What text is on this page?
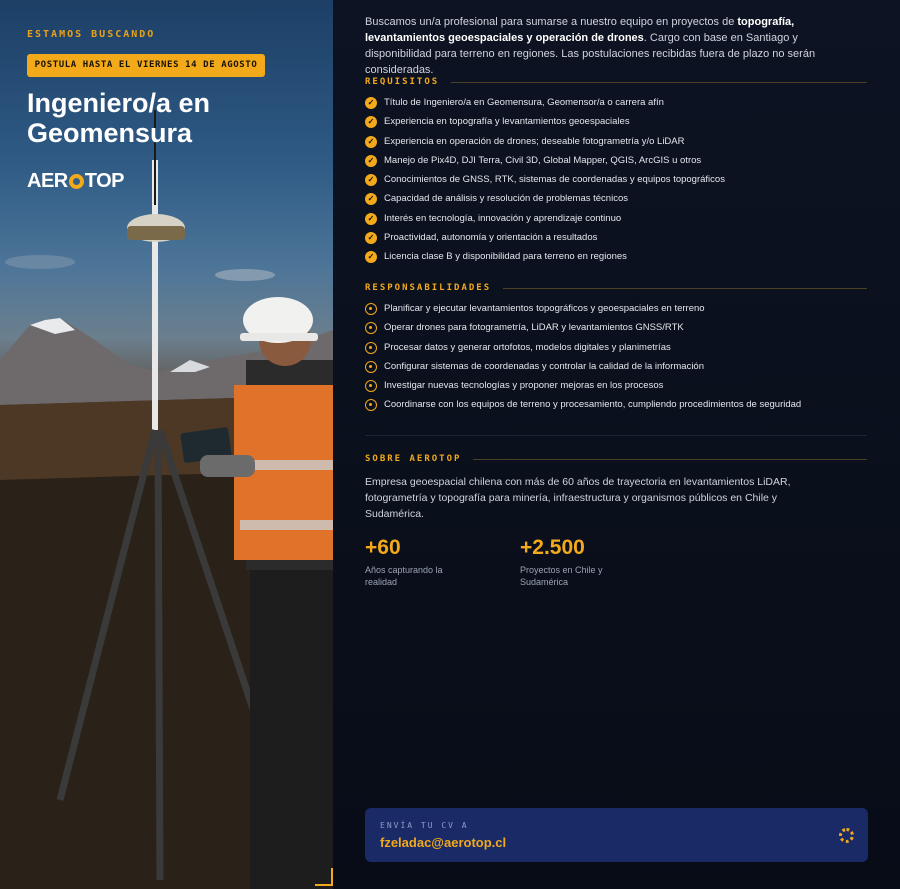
ESTAMOS BUSCANDO
POSTULA HASTA EL VIERNES 14 DE AGOSTO
Ingeniero/a en Geomensura
AER TOP
Buscamos un/a profesional para sumarse a nuestro equipo en proyectos de topografía, levantamientos geoespaciales y operación de drones. Cargo con base en Santiago y disponibilidad para terreno en regiones. Las postulaciones recibidas fuera de plazo no serán consideradas.
REQUISITOS
✓ Título de Ingeniero/a en Geomensura, Geomensor/a o carrera afín
✓ Experiencia en topografía y levantamientos geoespaciales
✓ Experiencia en operación de drones; deseable fotogrametría y/o LiDAR
✓ Manejo de Pix4D, DJI Terra, Civil 3D, Global Mapper, QGIS, ArcGIS u otros
✓ Conocimientos de GNSS, RTK, sistemas de coordenadas y equipos topográficos
✓ Capacidad de análisis y resolución de problemas técnicos
✓ Interés en tecnología, innovación y aprendizaje continuo
✓ Proactividad, autonomía y orientación a resultados
✓ Licencia clase B y disponibilidad para terreno en regiones
RESPONSABILIDADES
Planificar y ejecutar levantamientos topográficos y geoespaciales en terreno
Operar drones para fotogrametría, LiDAR y levantamientos GNSS/RTK
Procesar datos y generar ortofotos, modelos digitales y planimetrías
Configurar sistemas de coordenadas y controlar la calidad de la información
Investigar nuevas tecnologías y proponer mejoras en los procesos
Coordinarse con los equipos de terreno y procesamiento, cumpliendo procedimientos de seguridad
SOBRE AEROTOP
Empresa geoespacial chilena con más de 60 años de trayectoria en levantamientos LiDAR, fotogrametría y topografía para minería, infraestructura y organismos públicos en Chile y Sudamérica.
+60
Años capturando la realidad
+2.500
Proyectos en Chile y Sudamérica
ENVÍA TU CV A
fzeladac@aerotop.cl
